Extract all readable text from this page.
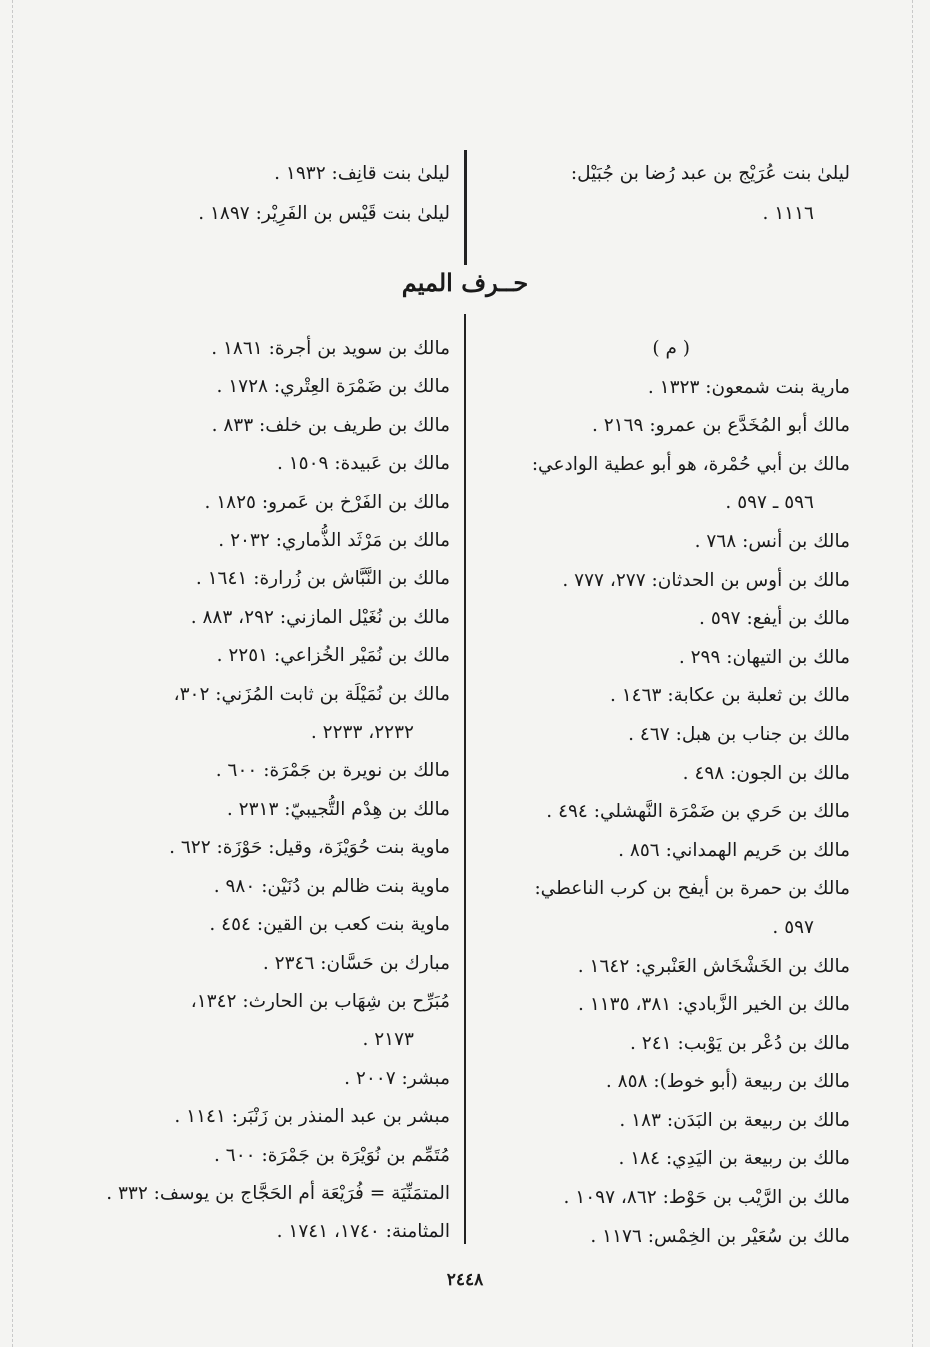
ليلىٰ بنت عُرَيْج بن عبد رُضا بن جُبَيْل:
١١١٦ .
ليلىٰ بنت قانِف: ١٩٣٢ .
ليلىٰ بنت قَيْس بن الفَرِيْر: ١٨٩٧ .
حــرف الميم
( م )
مارية بنت شمعون: ١٣٢٣ .
مالك أبو المُخَدَّع بن عمرو: ٢١٦٩ .
مالك بن أبي حُمْرة، هو أبو عطية الوادعي:
٥٩٦ ـ ٥٩٧ .
مالك بن أنس: ٧٦٨ .
مالك بن أوس بن الحدثان: ٢٧٧، ٧٧٧ .
مالك بن أيفع: ٥٩٧ .
مالك بن التيهان: ٢٩٩ .
مالك بن ثعلبة بن عكابة: ١٤٦٣ .
مالك بن جناب بن هبل: ٤٦٧ .
مالك بن الجون: ٤٩٨ .
مالك بن حَري بن ضَمْرَة النَّهشلي: ٤٩٤ .
مالك بن حَريم الهمداني: ٨٥٦ .
مالك بن حمرة بن أيفح بن كرب الناعطي:
٥٩٧ .
مالك بن الخَشْخَاش العَنْبري: ١٦٤٢ .
مالك بن الخير الزَّبادي: ٣٨١، ١١٣٥ .
مالك بن دُعْر بن يَوْبب: ٢٤١ .
مالك بن ربيعة (أبو خوط): ٨٥٨ .
مالك بن ربيعة بن البَدَن: ١٨٣ .
مالك بن ربيعة بن اليَدِي: ١٨٤ .
مالك بن الرَّيْب بن حَوْط: ٨٦٢، ١٠٩٧ .
مالك بن سُعَيْر بن الخِمْس: ١١٧٦ .
مالك بن سويد بن أجرة: ١٨٦١ .
مالك بن ضَمْرَة العِتْري: ١٧٢٨ .
مالك بن طريف بن خلف: ٨٣٣ .
مالك بن عَبيدة: ١٥٠٩ .
مالك بن الفَرْخ بن عَمرو: ١٨٢٥ .
مالك بن مَرْثَد الذُّماري: ٢٠٣٢ .
مالك بن النَّبَّاش بن زُرارة: ١٦٤١ .
مالك بن نُغَيْل المازني: ٢٩٢، ٨٨٣ .
مالك بن نُمَيْر الخُزاعي: ٢٢٥١ .
مالك بن نُمَيْلَة بن ثابت المُزَني: ٣٠٢،
٢٢٣٢، ٢٢٣٣ .
مالك بن نويرة بن جَمْرَة: ٦٠٠ .
مالك بن هِدْم التُّجيبيّ: ٢٣١٣ .
ماوية بنت حُوَيْزَة، وقيل: حَوْزَة: ٦٢٢ .
ماوية بنت ظالم بن دُنَيْن: ٩٨٠ .
ماوية بنت كعب بن القين: ٤٥٤ .
مبارك بن حَسَّان: ٢٣٤٦ .
مُبَرِّح بن شِهَاب بن الحارث: ١٣٤٢،
٢١٧٣ .
مبشر: ٢٠٠٧ .
مبشر بن عبد المنذر بن زَنْبَر: ١١٤١ .
مُتَمِّم بن نُوَيْرَة بن جَمْرَة: ٦٠٠ .
المتمَنِّيَة = فُرَيْعَة أم الحَجَّاج بن يوسف: ٣٣٢ .
المثامنة: ١٧٤٠، ١٧٤١ .
٢٤٤٨
